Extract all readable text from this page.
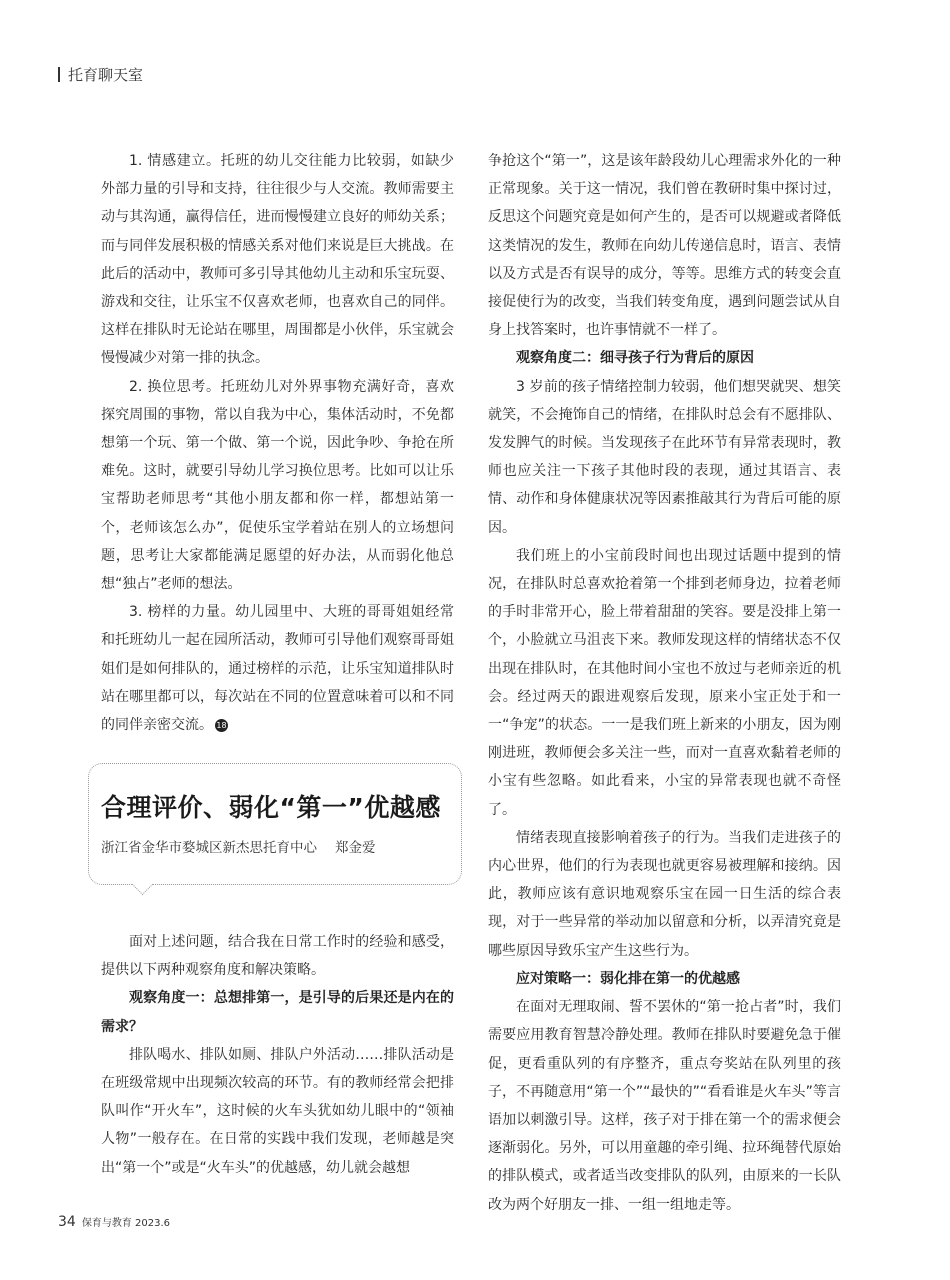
托育聊天室

1. 情感建立。托班的幼儿交往能力比较弱，如缺少外部力量的引导和支持，往往很少与人交流。教师需要主动与其沟通，赢得信任，进而慢慢建立良好的师幼关系；而与同伴发展积极的情感关系对他们来说是巨大挑战。在此后的活动中，教师可多引导其他幼儿主动和乐宝玩耍、游戏和交往，让乐宝不仅喜欢老师，也喜欢自己的同伴。这样在排队时无论站在哪里，周围都是小伙伴，乐宝就会慢慢减少对第一排的执念。

2. 换位思考。托班幼儿对外界事物充满好奇，喜欢探究周围的事物，常以自我为中心，集体活动时，不免都想第一个玩、第一个做、第一个说，因此争吵、争抢在所难免。这时，就要引导幼儿学习换位思考。比如可以让乐宝帮助老师思考“其他小朋友都和你一样，都想站第一个，老师该怎么办”，促使乐宝学着站在别人的立场想问题，思考让大家都能满足愿望的好办法，从而弱化他总想“独占”老师的想法。

3. 榜样的力量。幼儿园里中、大班的哥哥姐姐经常和托班幼儿一起在园所活动，教师可引导他们观察哥哥姐姐们是如何排队的，通过榜样的示范，让乐宝知道排队时站在哪里都可以，每次站在不同的位置意味着可以和不同的同伴亲密交流。 18

合理评价、弱化“第一”优越感
浙江省金华市婺城区新杰思托育中心 郑金爱

面对上述问题，结合我在日常工作时的经验和感受，提供以下两种观察角度和解决策略。

观察角度一：总想排第一，是引导的后果还是内在的需求？

排队喝水、排队如厕、排队户外活动……排队活动是在班级常规中出现频次较高的环节。有的教师经常会把排队叫作“开火车”，这时候的火车头犹如幼儿眼中的“领袖人物”一般存在。在日常的实践中我们发现，老师越是突出“第一个”或是“火车头”的优越感，幼儿就会越想

争抢这个“第一”，这是该年龄段幼儿心理需求外化的一种正常现象。关于这一情况，我们曾在教研时集中探讨过，反思这个问题究竟是如何产生的，是否可以规避或者降低这类情况的发生，教师在向幼儿传递信息时，语言、表情以及方式是否有误导的成分，等等。思维方式的转变会直接促使行为的改变，当我们转变角度，遇到问题尝试从自身上找答案时，也许事情就不一样了。

观察角度二：细寻孩子行为背后的原因

3 岁前的孩子情绪控制力较弱，他们想哭就哭、想笑就笑，不会掩饰自己的情绪，在排队时总会有不愿排队、发发脾气的时候。当发现孩子在此环节有异常表现时，教师也应关注一下孩子其他时段的表现，通过其语言、表情、动作和身体健康状况等因素推敲其行为背后可能的原因。

我们班上的小宝前段时间也出现过话题中提到的情况，在排队时总喜欢抢着第一个排到老师身边，拉着老师的手时非常开心，脸上带着甜甜的笑容。要是没排上第一个，小脸就立马沮丧下来。教师发现这样的情绪状态不仅出现在排队时，在其他时间小宝也不放过与老师亲近的机会。经过两天的跟进观察后发现，原来小宝正处于和一一“争宠”的状态。一一是我们班上新来的小朋友，因为刚刚进班，教师便会多关注一些，而对一直喜欢黏着老师的小宝有些忽略。如此看来，小宝的异常表现也就不奇怪了。

情绪表现直接影响着孩子的行为。当我们走进孩子的内心世界，他们的行为表现也就更容易被理解和接纳。因此，教师应该有意识地观察乐宝在园一日生活的综合表现，对于一些异常的举动加以留意和分析，以弄清究竟是哪些原因导致乐宝产生这些行为。

应对策略一：弱化排在第一的优越感

在面对无理取闹、誓不罢休的“第一抢占者”时，我们需要应用教育智慧冷静处理。教师在排队时要避免急于催促，更看重队列的有序整齐，重点夸奖站在队列里的孩子，不再随意用“第一个”“最快的”“看看谁是火车头”等言语加以刺激引导。这样，孩子对于排在第一个的需求便会逐渐弱化。另外，可以用童趣的牵引绳、拉环绳替代原始的排队模式，或者适当改变排队的队列，由原来的一长队改为两个好朋友一排、一组一组地走等。

34 保育与教育 2023.6
